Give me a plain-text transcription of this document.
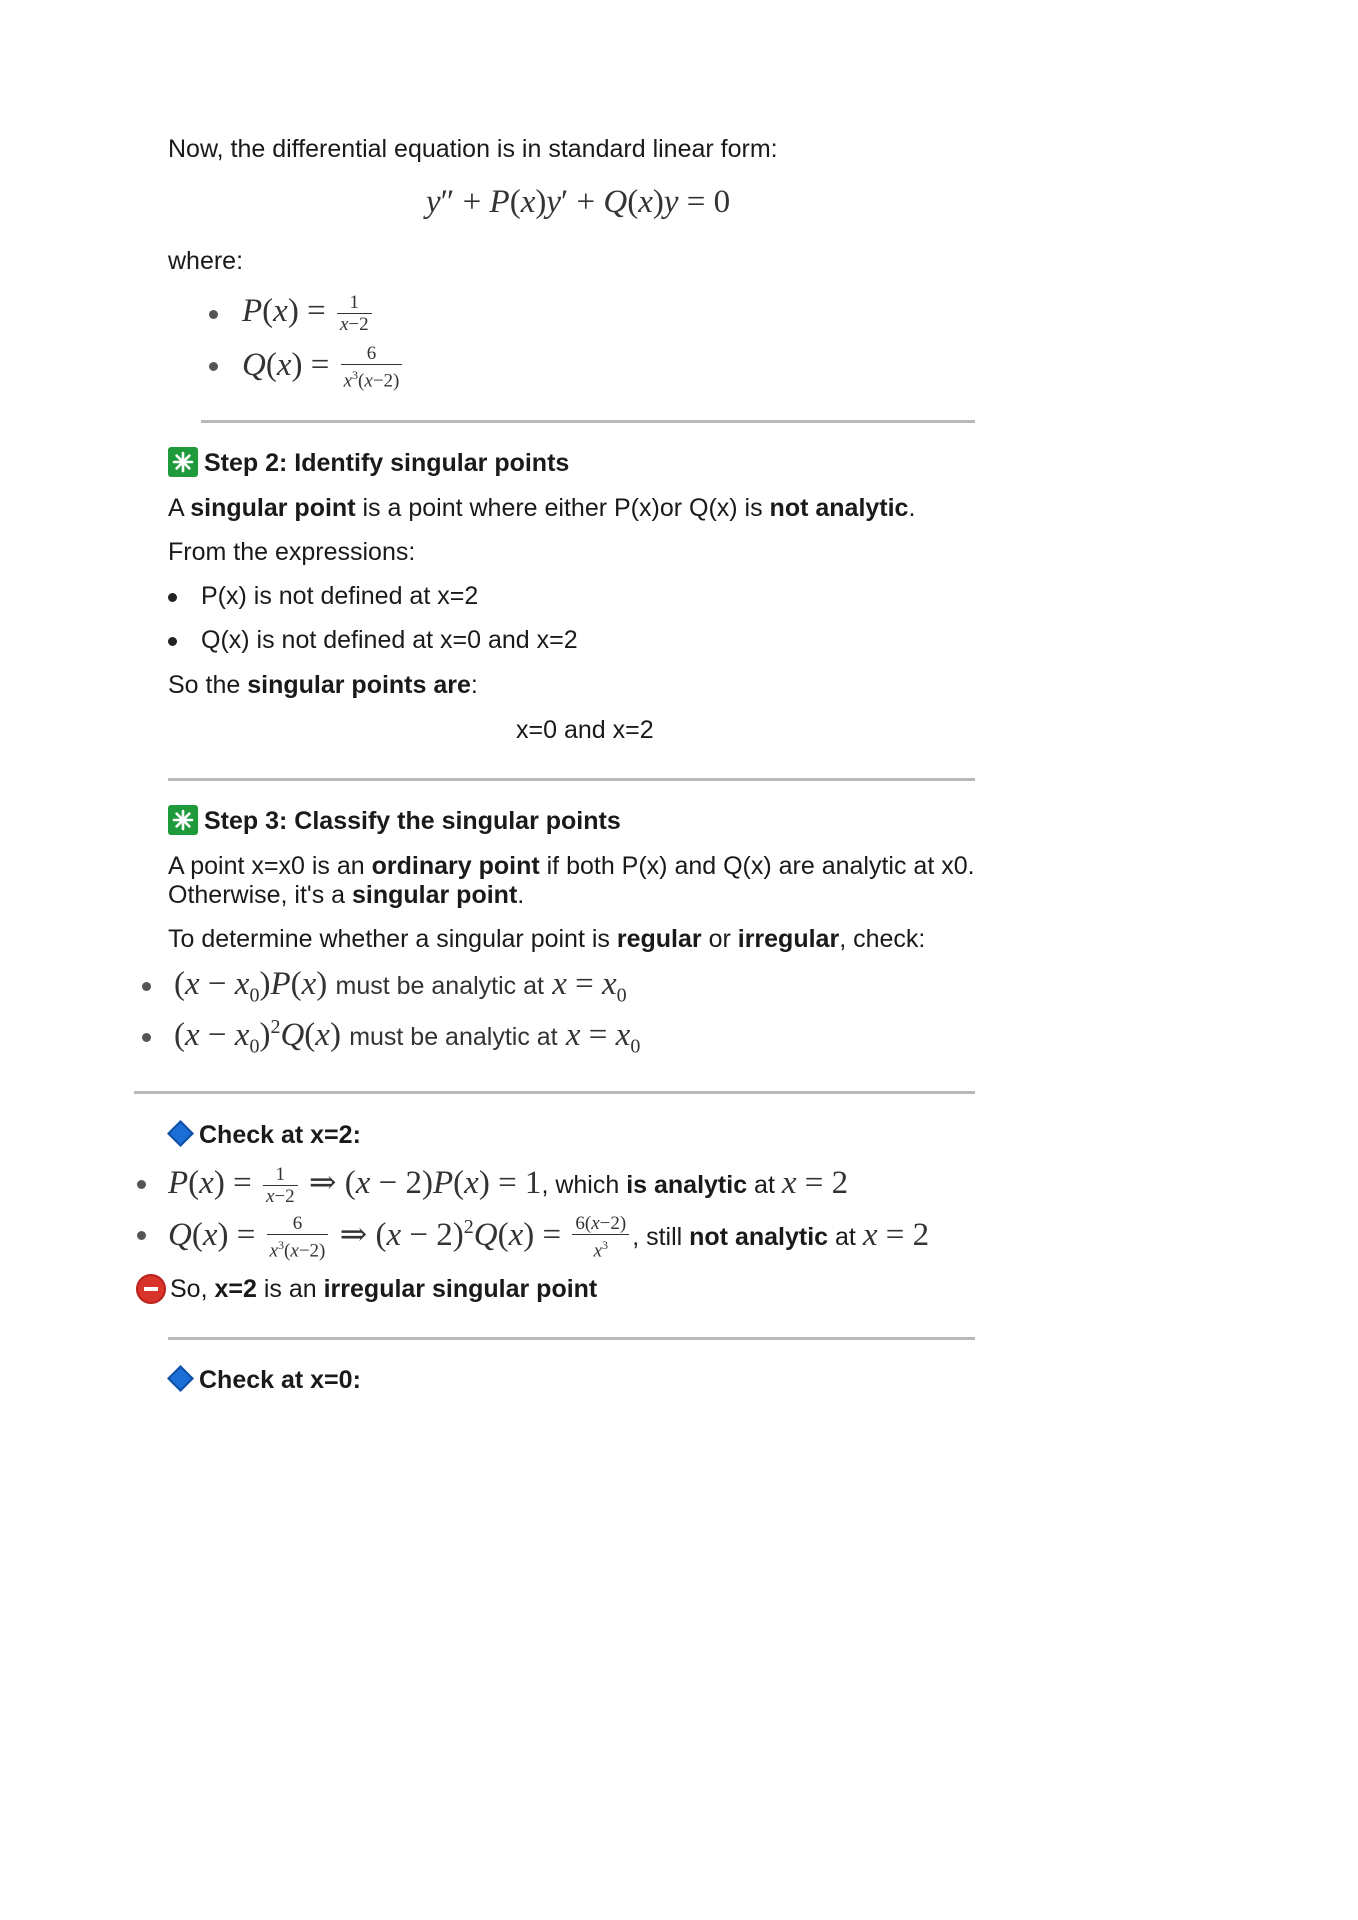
Now, the differential equation is in standard linear form:
y″ + P(x)y′ + Q(x)y = 0
where:
$P(x) = \frac{1}{x-2}$
$Q(x) = \frac{6}{x^3(x-2)}$
Step 2: Identify singular points
A singular point is a point where either P(x)or Q(x) is not analytic.
From the expressions:
P(x) is not defined at x=2
Q(x) is not defined at x=0 and x=2
So the singular points are:
x=0 and x=2
Step 3: Classify the singular points
A point x=x0 is an ordinary point if both P(x) and Q(x) are analytic at x0.
Otherwise, it's a singular point.
To determine whether a singular point is regular or irregular, check:
$(x - x_0)P(x)$ must be analytic at $x = x_0$
$(x - x_0)^2Q(x)$ must be analytic at $x = x_0$
Check at x=2:
$P(x) = \frac{1}{x-2}$ ⇒ (x − 2)P(x) = 1, which is analytic at x = 2
$Q(x) = \frac{6}{x^3(x-2)}$ ⇒ $(x - 2)^2Q(x) = \frac{6(x-2)}{x^3}$ , still not analytic at x = 2
So, x=2 is an irregular singular point
Check at x=0:
